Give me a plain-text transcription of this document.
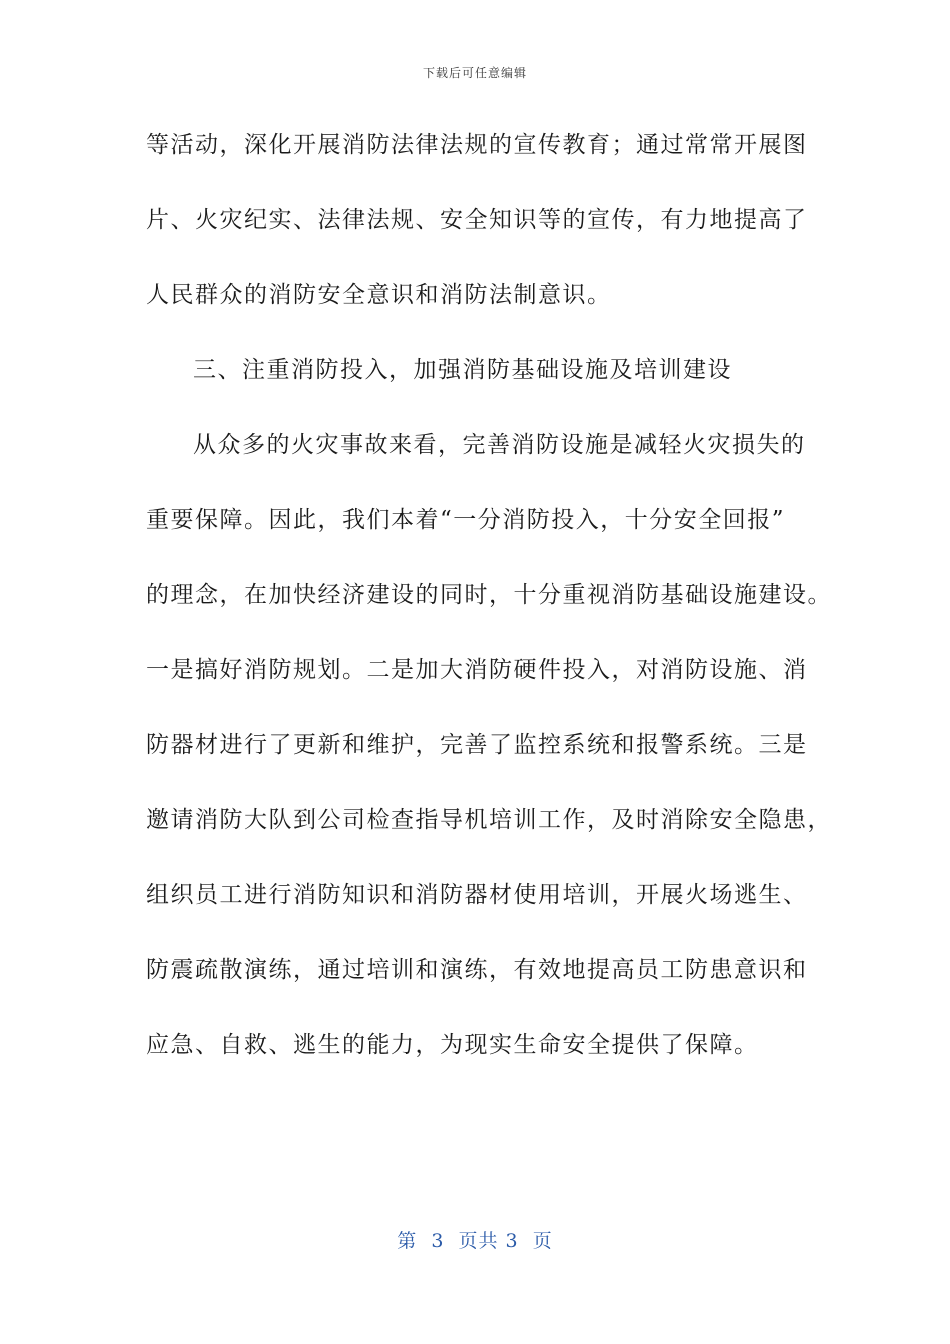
下载后可任意编辑
等活动，深化开展消防法律法规的宣传教育；通过常常开展图
片、火灾纪实、法律法规、安全知识等的宣传，有力地提高了
人民群众的消防安全意识和消防法制意识。
三、注重消防投入，加强消防基础设施及培训建设
从众多的火灾事故来看，完善消防设施是减轻火灾损失的
重要保障。因此，我们本着“一分消防投入，十分安全回报”
的理念，在加快经济建设的同时，十分重视消防基础设施建设。
一是搞好消防规划。二是加大消防硬件投入，对消防设施、消
防器材进行了更新和维护，完善了监控系统和报警系统。三是
邀请消防大队到公司检查指导机培训工作，及时消除安全隐患，
组织员工进行消防知识和消防器材使用培训，开展火场逃生、
防震疏散演练，通过培训和演练，有效地提高员工防患意识和
应急、自救、逃生的能力，为现实生命安全提供了保障。
第  3  页共 3  页
